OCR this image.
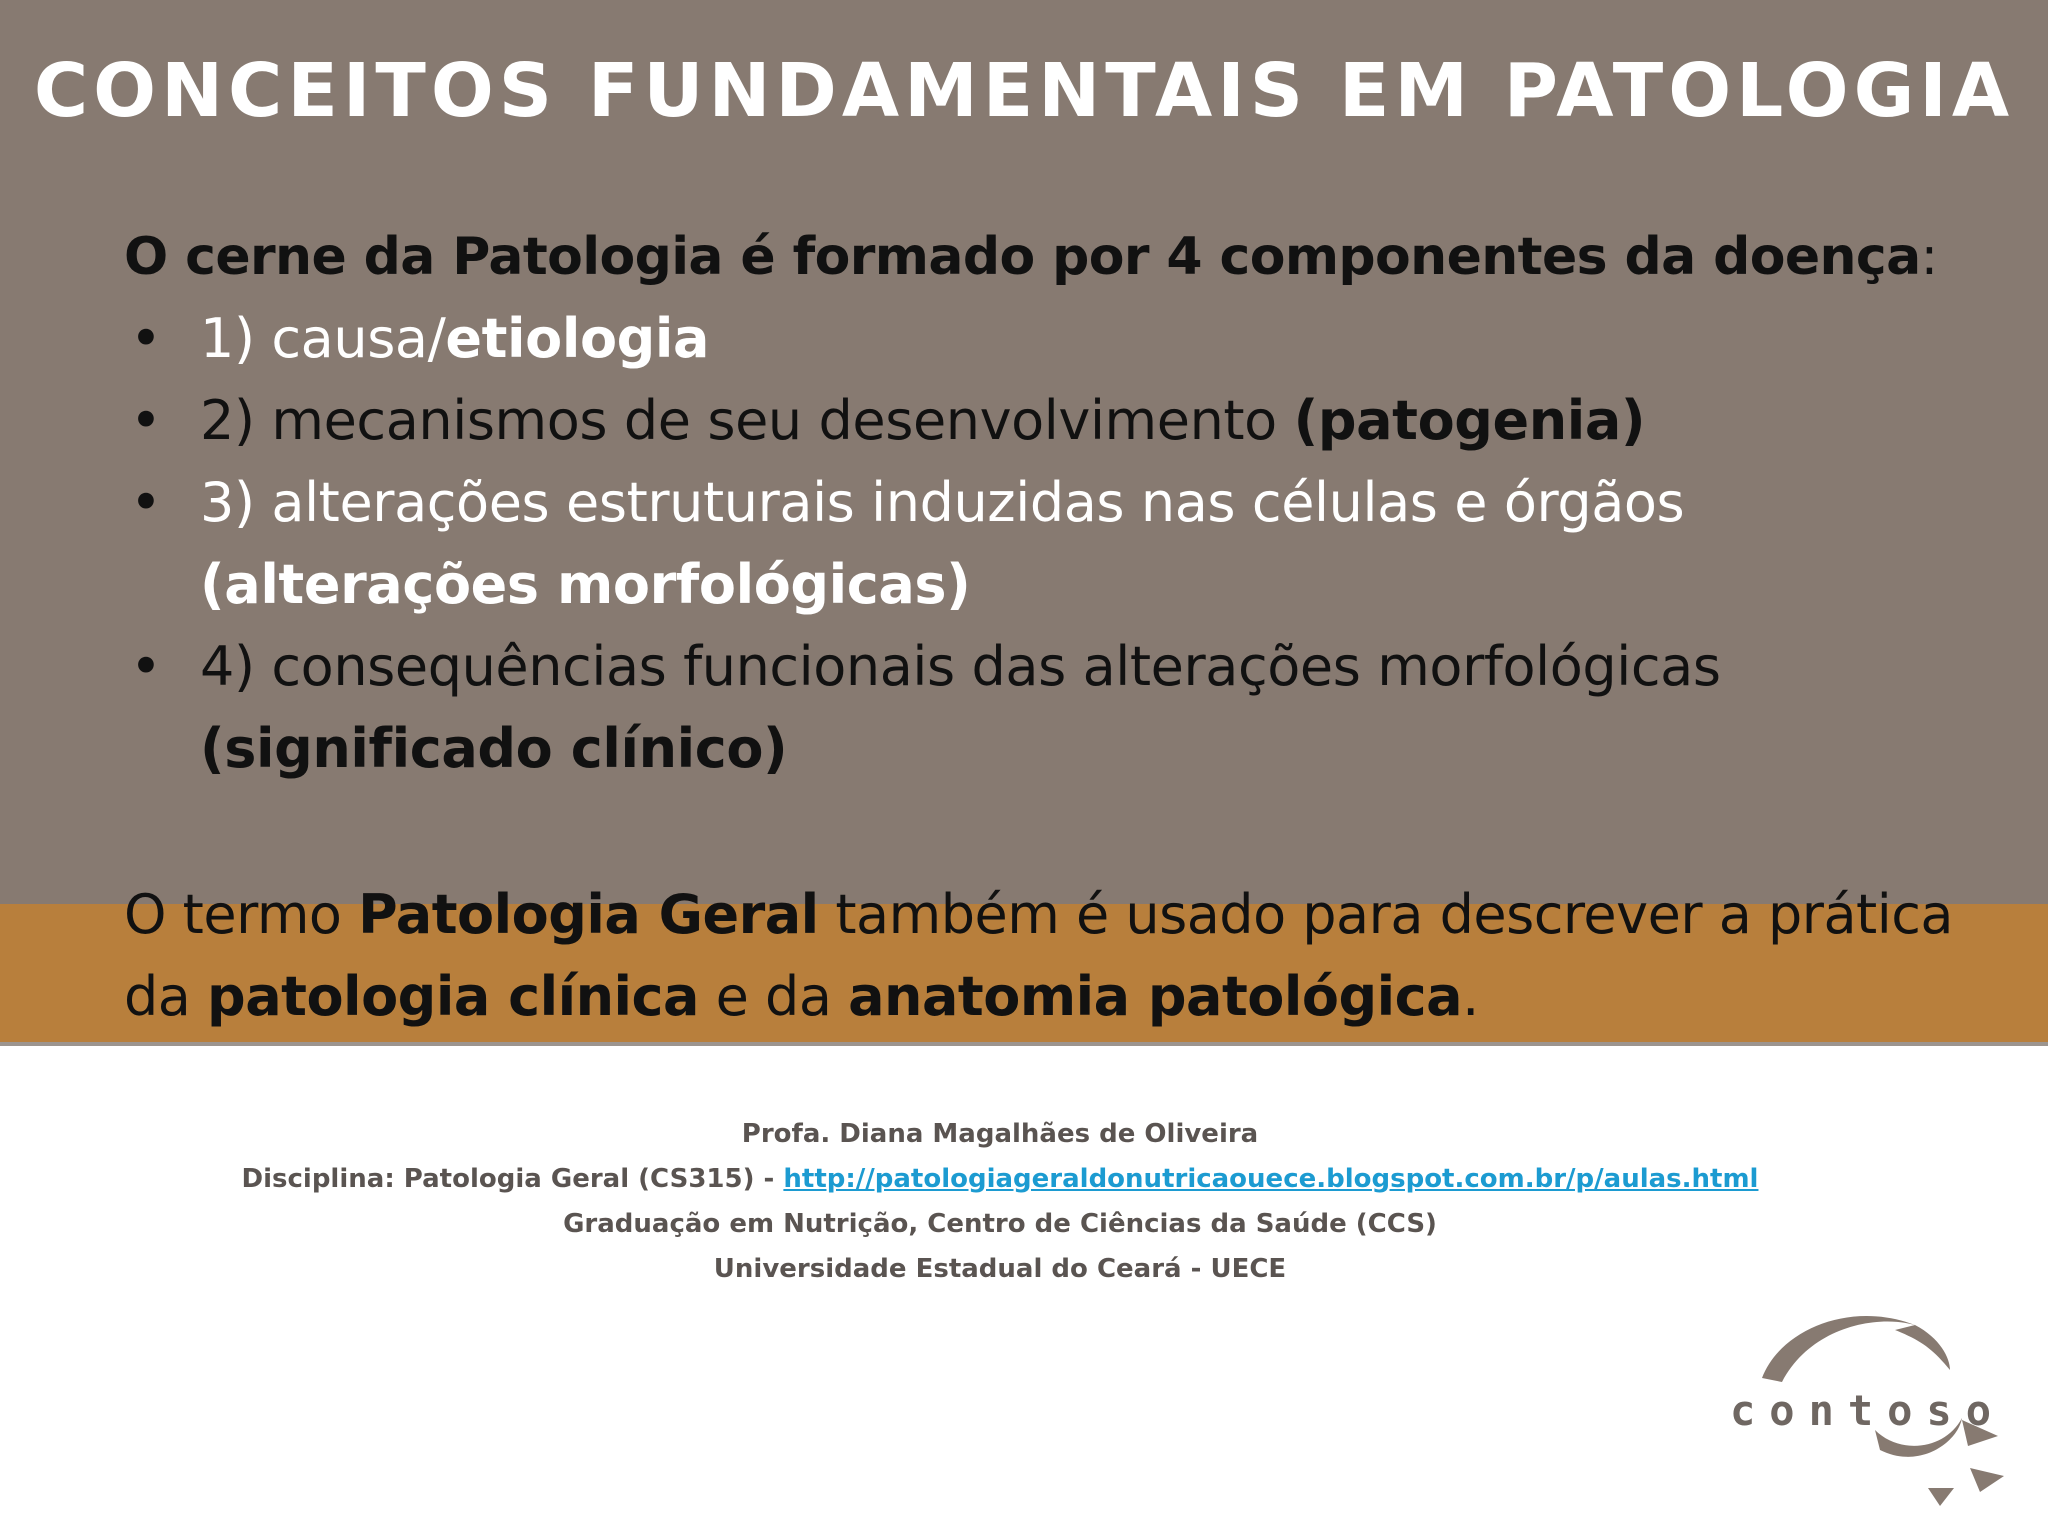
CONCEITOS FUNDAMENTAIS EM PATOLOGIA

O cerne da Patologia é formado por 4 componentes da doença:

• 1) causa/etiologia
• 2) mecanismos de seu desenvolvimento (patogenia)
• 3) alterações estruturais induzidas nas células e órgãos
(alterações morfológicas)
• 4) consequências funcionais das alterações morfológicas
(significado clínico)

O termo Patologia Geral também é usado para descrever a prática da patologia clínica e da anatomia patológica.

Profa. Diana Magalhães de Oliveira
Disciplina: Patologia Geral (CS315) - http://patologiageraldonutricaouece.blogspot.com.br/p/aulas.html
Graduação em Nutrição, Centro de Ciências da Saúde (CCS)
Universidade Estadual do Ceará - UECE
contoso
